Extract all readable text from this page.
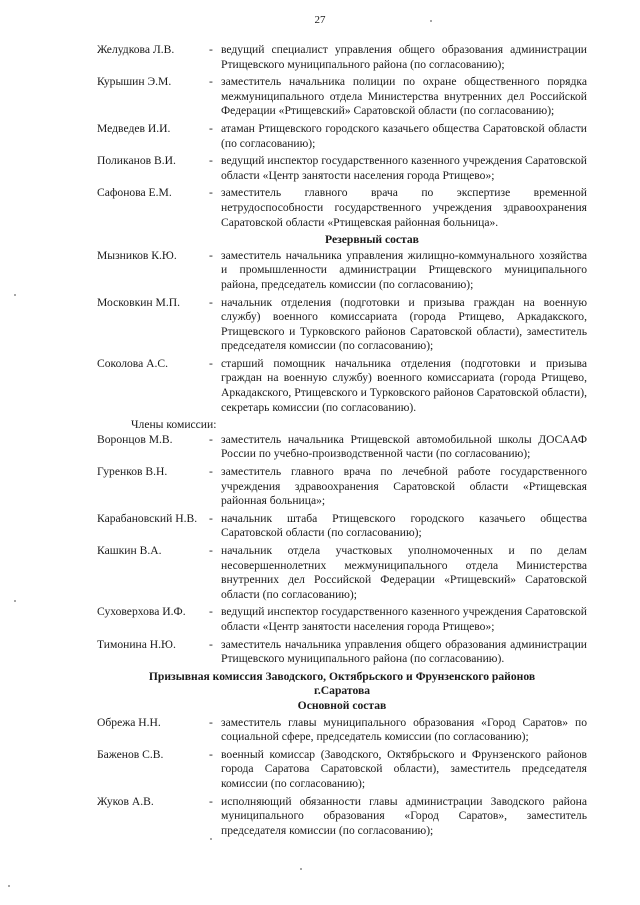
27
Желудкова Л.В.	- ведущий специалист управления общего образования администрации Ртищевского муниципального района (по согласованию);
Курышин Э.М.	- заместитель начальника полиции по охране общественного порядка межмуниципального отдела Министерства внутренних дел Российской Федерации «Ртищевский» Саратовской области (по согласованию);
Медведев И.И.	- атаман Ртищевского городского казачьего общества Саратовской области (по согласованию);
Поликанов В.И.	- ведущий инспектор государственного казенного учреждения Саратовской области «Центр занятости населения города Ртищево»;
Сафонова Е.М.	- заместитель главного врача по экспертизе временной нетрудоспособности государственного учреждения здравоохранения Саратовской области «Ртищевская районная больница».
Резервный состав
Мызников К.Ю.	- заместитель начальника управления жилищно-коммунального хозяйства и промышленности администрации Ртищевского муниципального района, председатель комиссии (по согласованию);
Московкин М.П.	- начальник отделения (подготовки и призыва граждан на военную службу) военного комиссариата (города Ртищево, Аркадакского, Ртищевского и Турковского районов Саратовской области), заместитель председателя комиссии (по согласованию);
Соколова А.С.	- старший помощник начальника отделения (подготовки и призыва граждан на военную службу) военного комиссариата (города Ртищево, Аркадакского, Ртищевского и Турковского районов Саратовской области), секретарь комиссии (по согласованию).
Члены комиссии:
Воронцов М.В.	- заместитель начальника Ртищевской автомобильной школы ДОСААФ России по учебно-производственной части (по согласованию);
Гуренков В.Н.	- заместитель главного врача по лечебной работе государственного учреждения здравоохранения Саратовской области «Ртищевская районная больница»;
Карабановский Н.В.	- начальник штаба Ртищевского городского казачьего общества Саратовской области (по согласованию);
Кашкин В.А.	- начальник отдела участковых уполномоченных и по делам несовершеннолетних межмуниципального отдела Министерства внутренних дел Российской Федерации «Ртищевский» Саратовской области (по согласованию);
Суховерхова И.Ф.	- ведущий инспектор государственного казенного учреждения Саратовской области «Центр занятости населения города Ртищево»;
Тимонина Н.Ю.	- заместитель начальника управления общего образования администрации Ртищевского муниципального района (по согласованию).
Призывная комиссия Заводского, Октябрьского и Фрунзенского районов
г.Саратова
Основной состав
Обрежа Н.Н.	- заместитель главы муниципального образования «Город Саратов» по социальной сфере, председатель комиссии (по согласованию);
Баженов С.В.	- военный комиссар (Заводского, Октябрьского и Фрунзенского районов города Саратова Саратовской области), заместитель председателя комиссии (по согласованию);
Жуков А.В.	- исполняющий обязанности главы администрации Заводского района муниципального образования «Город Саратов», заместитель председателя комиссии (по согласованию);
